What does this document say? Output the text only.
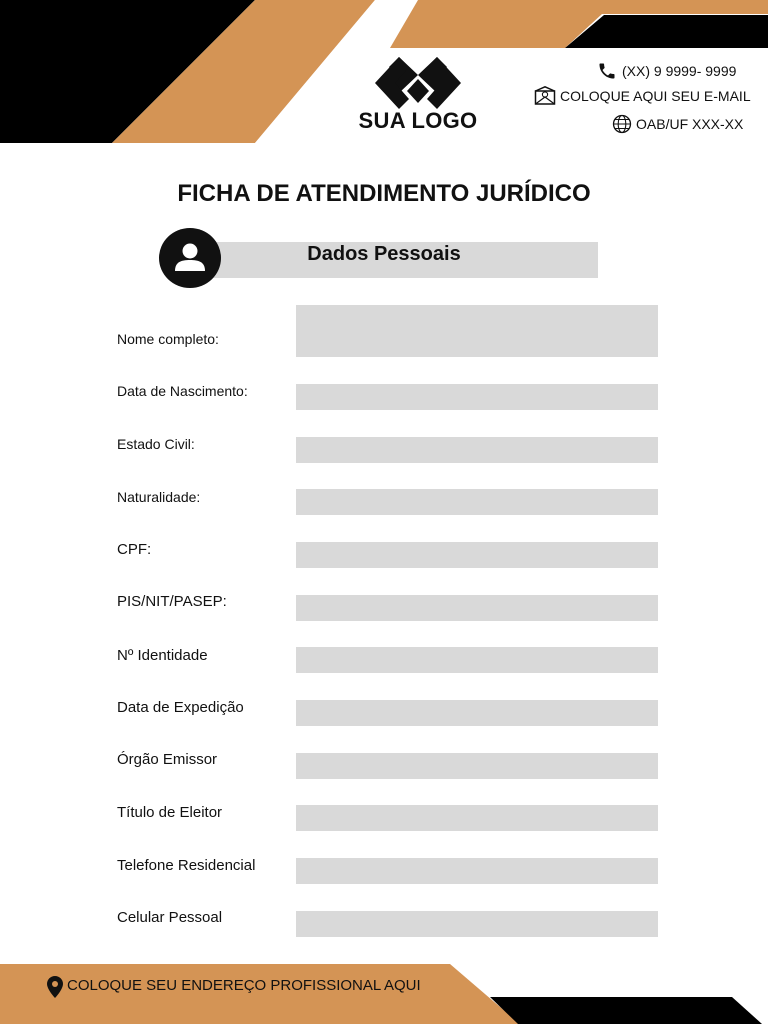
SUA LOGO
(XX) 9 9999- 9999
COLOQUE AQUI SEU E-MAIL
OAB/UF XXX-XX
FICHA DE ATENDIMENTO JURÍDICO
Dados Pessoais
Nome completo:
Data de Nascimento:
Estado Civil:
Naturalidade:
CPF:
PIS/NIT/PASEP:
Nº Identidade
Data de Expedição
Órgão Emissor
Título de Eleitor
Telefone Residencial
Celular Pessoal
COLOQUE SEU ENDEREÇO PROFISSIONAL AQUI
